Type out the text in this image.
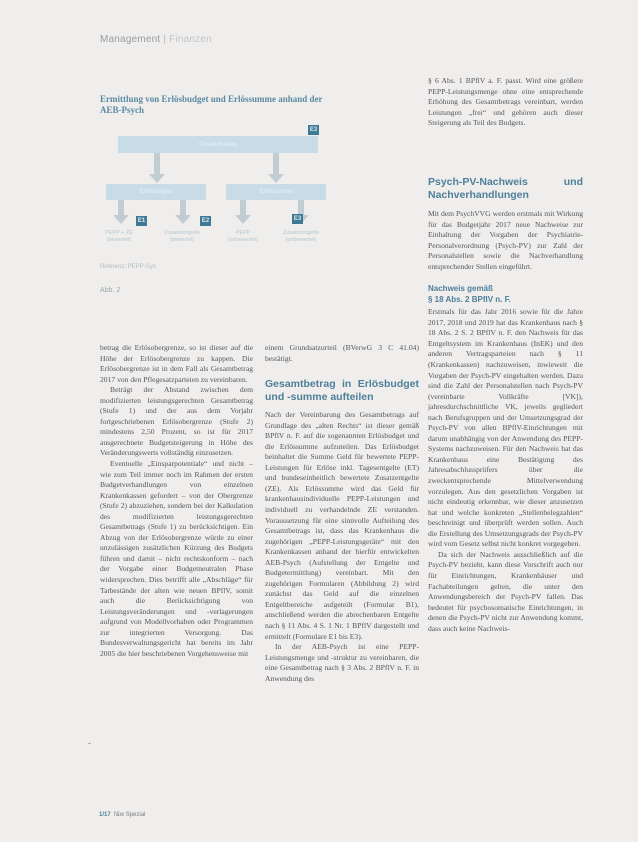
Management | Finanzen
Ermittlung von Erlösbudget und Erlössumme anhand der AEB-Psych
Gesamtbetrag
E3
Erlösbudget	Erlössumme
E1	E2	E3
PEPP + ZE
(bewertet)
Zusatzentgelte
(bewertet)
PEPP
(unbewertet)
Zusatzentgelte
(unbewertet)
Referenz: PEPP-Sys
Abb. 2

betrag die Erlösobergrenze, so ist dieser auf die Höhe der Erlösobergrenze zu kappen. Die Erlösobergrenze ist in dem Fall als Gesamtbetrag 2017 von den Pflegesatzparteien zu vereinbaren.

Beträgt der Abstand zwischen dem modifizierten leistungsgerechten Gesamtbetrag (Stufe 1) und der aus dem Vorjahr fortgeschriebenen Erlösobergrenze (Stufe 2) mindestens 2,50 Prozent, so ist für 2017 ausgerechnete Budgetsteigerung in Höhe des Veränderungswerts vollständig einzusetzen.

Eventuelle „Einsparpotentiale“ und nicht – wie zum Teil immer noch im Rahmen der ersten Budgetverhandlungen von einzelnen Krankenkassen gefordert – von der Obergrenze (Stufe 2) abzuziehen, sondern bei der Kalkulation des modifizierten leistungsgerechten Gesamtbetrags (Stufe 1) zu berücksichtigen. Ein Abzug von der Erlösobergrenze würde zu einer unzulässigen zusätzlichen Kürzung des Budgets führen und damit – nicht rechtskonform – nach der Vorgabe einer Budgetneutralen Phase widersprechen. Dies betrifft alle „Abschläge“ für Tatbestände der alten wie neuen BPflV, somit auch die Berücksichtigung von Leistungsveränderungen und -verlagerungen aufgrund von Modellvorhaben oder Programmen zur integrierten Versorgung. Das Bundesverwaltungsgericht hat bereits im Jahr 2005 die hier beschriebenen Vorgehensweise mit

-

einem Grundsatzurteil (BVerwG 3 C 41.04) bestätigt.

Gesamtbetrag in Erlösbudget und -summe aufteilen

Nach der Vereinbarung des Gesamtbetrags auf Grundlage des „alten Rechts“ ist dieser gemäß BPflV n. F. auf die sogenannten Erlösbudget und die Erlössumme aufzuteilen. Das Erlösbudget beinhaltet die Summe Geld für bewertete PEPP-Leistungen für Erlöse inkl. Tagesentgelte (ET) und bundeseinheitlich bewertete Zusatzentgelte (ZE). Als Erlössumme wird das Geld für krankenhausindividuelle PEPP-Leistungen und individuell zu verhandelnde ZE verstanden. Voraussetzung für eine sinnvolle Aufteilung des Gesamtbetrags ist, dass das Krankenhaus die zugehörigen „PEPP-Leistungsgeräte“ mit den Krankenkassen anhand der hierfür entwickelten AEB-Psych (Aufstellung der Entgelte und Budgetermittlung) vereinbart. Mit den zugehörigen Formularen (Abbildung 2) wird zunächst das Geld auf die einzelnen Entgeltbereiche aufgeteilt (Formular B1), anschließend werden die abrechenbaren Entgelte nach § 11 Abs. 4 S. 1 Nr. 1 BPflV dargestellt und ermittelt (Formulare E1 bis E3).

In der AEB-Psych ist eine PEPP-Leistungsmenge und -struktur zu vereinbaren, die eine Gesamtbetrag nach § 3 Abs. 2 BPflV n. F. in Anwendung des

§ 6 Abs. 1 BPflV a. F. passt. Wird eine größere PEPP-Leistungsmenge ohne eine entsprechende Erhöhung des Gesamtbetrags vereinbart, werden Leistungen „frei“ und gehören auch dieser Steigerung als Teil des Budgets.

Psych-PV-Nachweis und Nachverhandlungen

Mit dem PsychVVG werden erstmals mit Wirkung für das Budgetjahr 2017 neue Nachweise zur Einhaltung der Vorgaben der Psychiatrie-Personalverordnung (Psych-PV) zur Zahl der Personalstellen sowie die Nachverhandlung entsprechender Stellen eingeführt.

Nachweis gemäß
§ 18 Abs. 2 BPflV n. F.

Erstmals für das Jahr 2016 sowie für die Jahre 2017, 2018 und 2019 hat das Krankenhaus nach § 18 Abs. 2 S. 2 BPflV n. F. den Nachweis für das Entgeltsystem im Krankenhaus (InEK) und den anderen Vertragsparteien nach § 11 (Krankenkassen) nachzuweisen, inwieweit die Vorgaben der Psych-PV eingehalten werden. Dazu sind die Zahl der Personalstellen nach Psych-PV (vereinbarte Vollkräfte [VK]), jahresdurchschnittliche VK, jeweils gegliedert nach Berufsgruppen und der Umsetzungsgrad der Psych-PV von allen BPflV-Einrichtungen mit darum unabhängig von der Anwendung des PEPP-Systems nachzuweisen. Für den Nachweis hat das Krankenhaus eine Bestätigung des Jahresabschlussprüfers über die zweckentsprechende Mittelverwendung vorzulegen. Aus den gesetzlichen Vorgaben ist nicht eindeutig erkennbar, wie dieser anzusetzen hat und welche konkreten „Stellenbelegzahlen“ beschreinigt und überprüft werden sollen. Auch die Erstellung des Umsetzungsgrads der Psych-PV wird vom Gesetz selbst nicht konkret vorgegeben.

Da sich der Nachweis ausschließlich auf die Psych-PV bezieht, kann diese Vorschrift auch nur für Einrichtungen, Krankenhäuser und Fachabteilungen gelten, die unter den Anwendungsbereich der Psych-PV fallen. Das bedeutet für psychosomatische Einrichtungen, in denen die Psych-PV nicht zur Anwendung kommt, dass auch keine Nachweis-

1/17 f&w Spezial
